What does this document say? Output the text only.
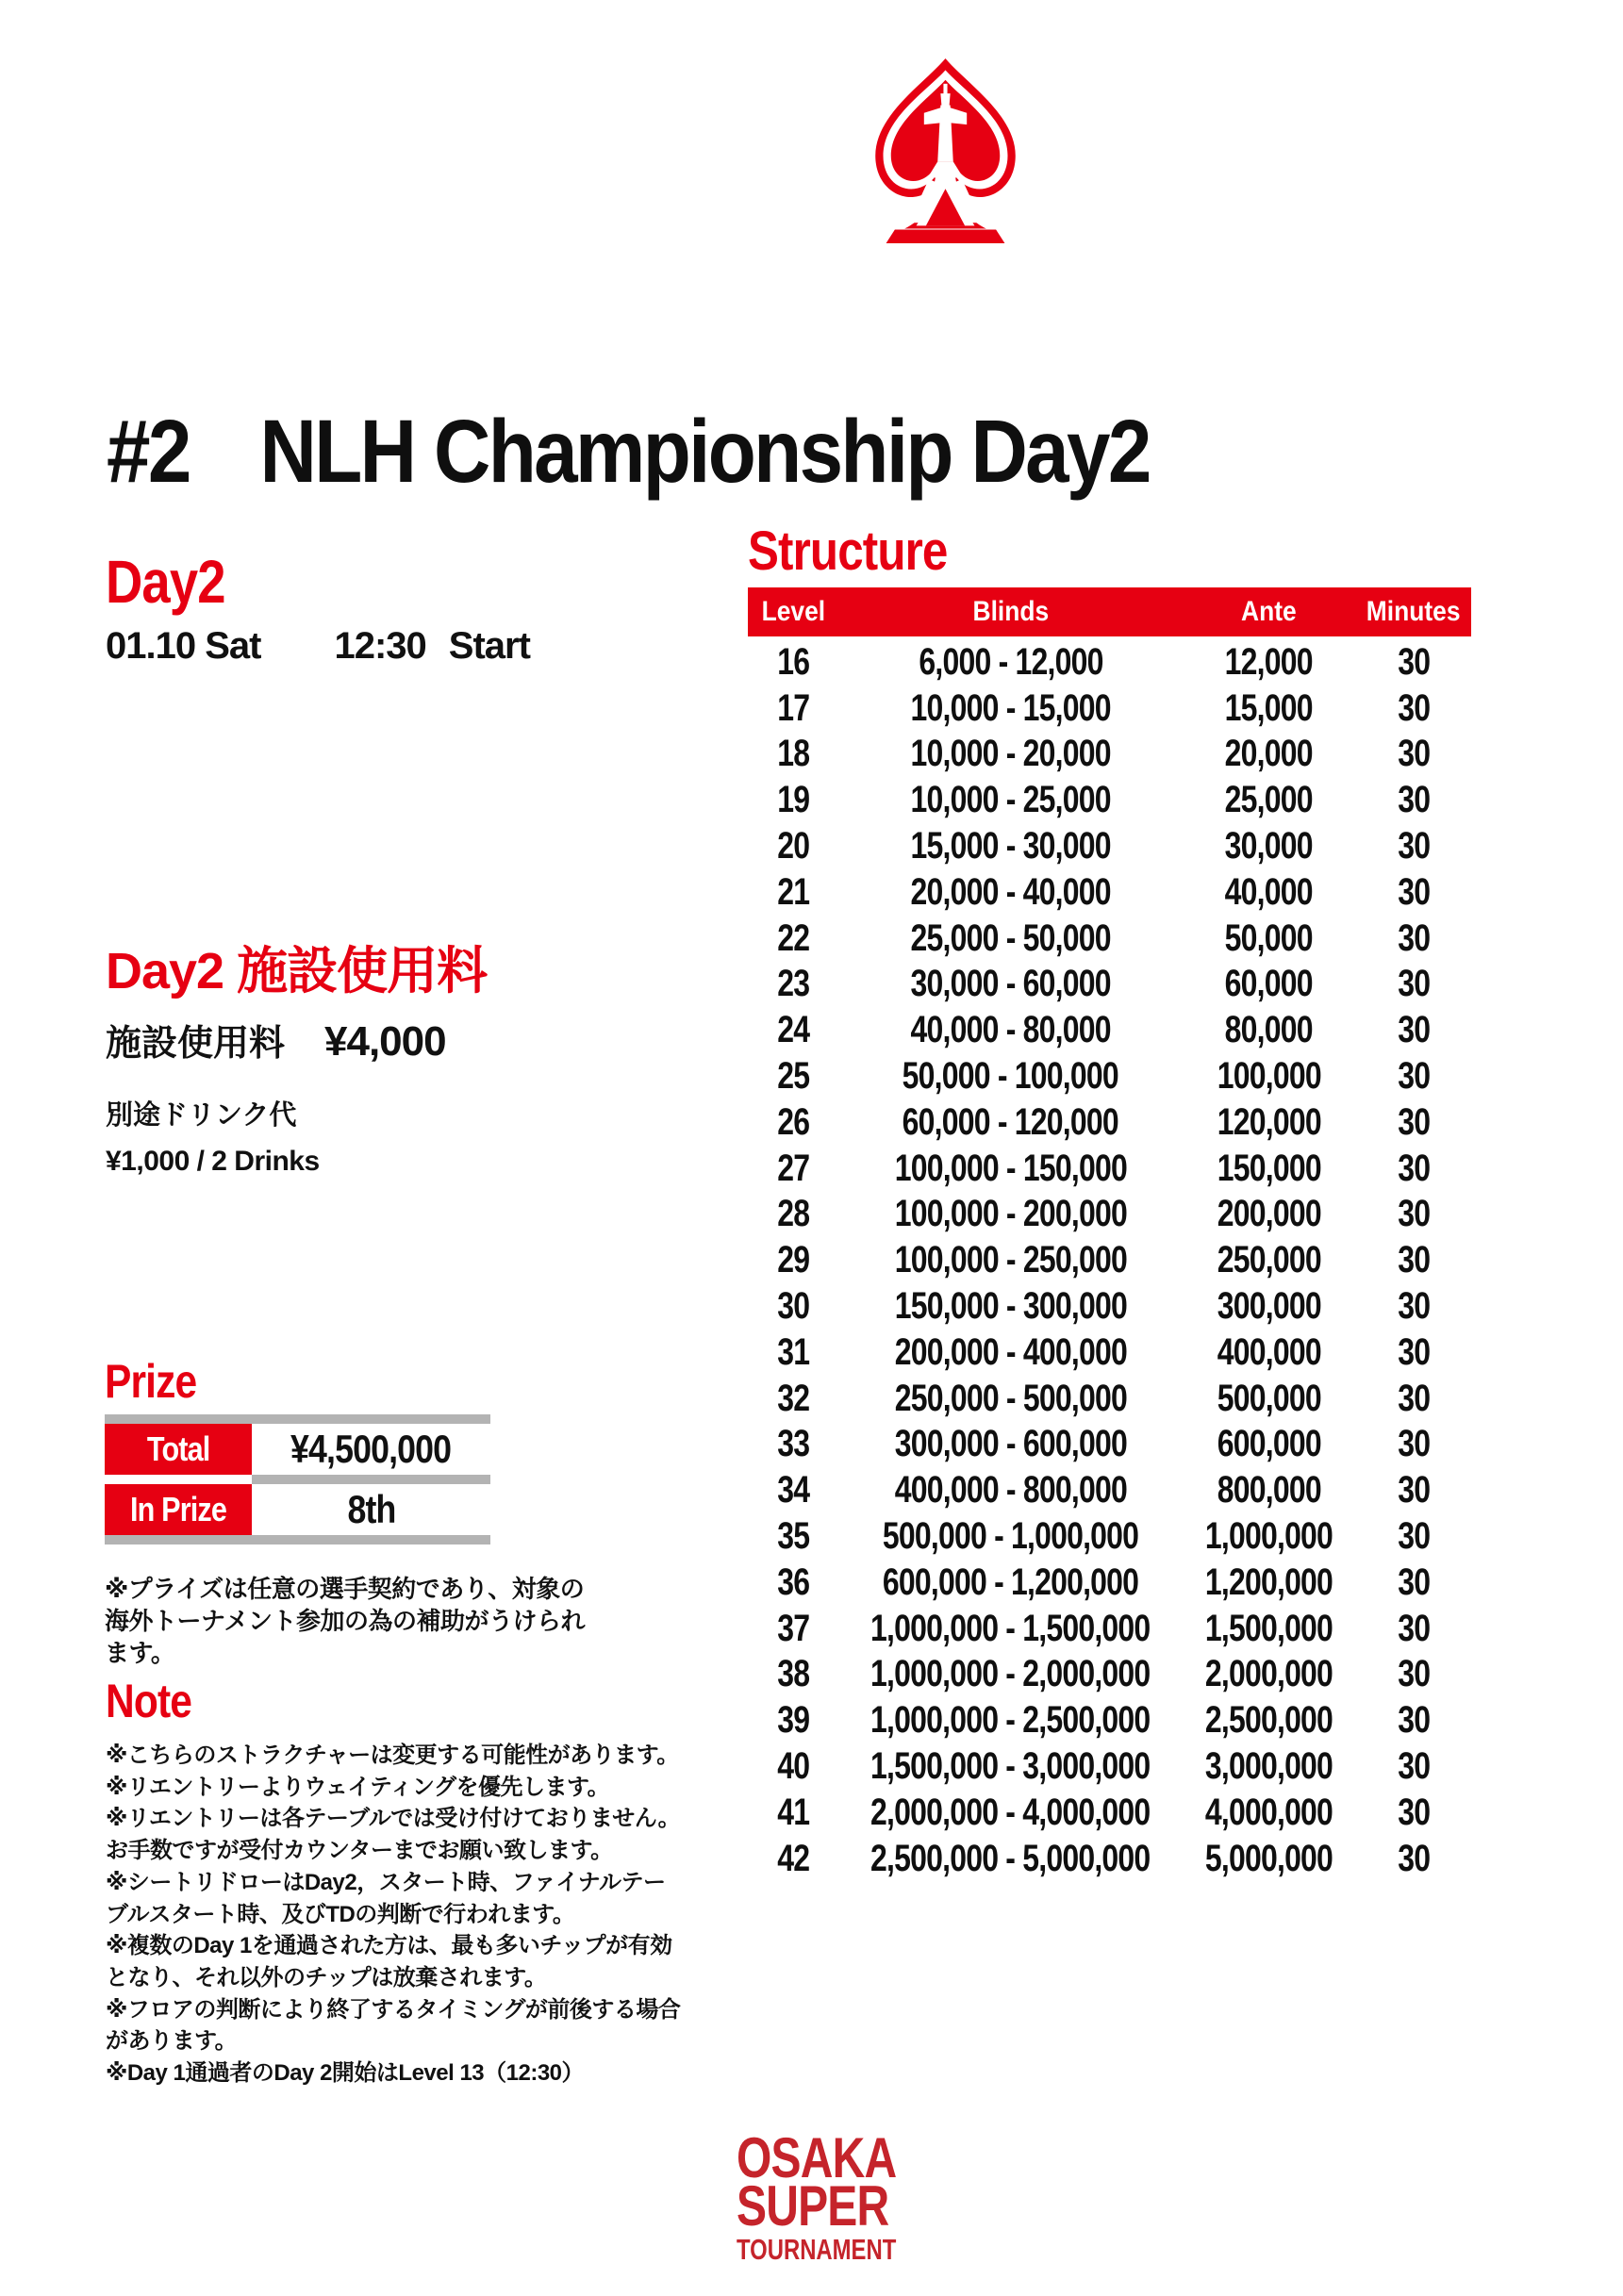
#2 NLH Championship Day2
Day2
01.10 Sat 12:30 Start
Day2 施設使用料
施設使用料 ¥4,000
別途ドリンク代
¥1,000 / 2 Drinks
Prize
Total ¥4,500,000
In Prize	8th
※プライズは任意の選手契約であり、対象の
海外トーナメント参加の為の補助がうけられ
ます。
Note
※こちらのストラクチャーは変更する可能性があります。
※リエントリーよりウェイティングを優先します。
※リエントリーは各テーブルでは受け付けておりません。
お手数ですが受付カウンターまでお願い致します。
※シートリドローはDay2，スタート時、ファイナルテー
ブルスタート時、及びTDの判断で行われます。
※複数のDay 1を通過された方は、最も多いチップが有効
となり、それ以外のチップは放棄されます。
※フロアの判断により終了するタイミングが前後する場合
があります。
※Day 1通過者のDay 2開始はLevel 13（12:30）
Structure
Level	Blinds	Ante Minutes
16	6,000 - 12,000	12,000 30
17	10,000 - 15,000	15,000 30
18	10,000 - 20,000	20,000 30
19	10,000 - 25,000	25,000 30
20	15,000 - 30,000	30,000 30
21	20,000 - 40,000	40,000 30
22	25,000 - 50,000	50,000 30
23	30,000 - 60,000	60,000 30
24	40,000 - 80,000	80,000 30
25 50,000 - 100,000	100,000 30
26 60,000 - 120,000	120,000 30
27 100,000 - 150,000 150,000 30
28 100,000 - 200,000 200,000 30
29 100,000 - 250,000 250,000 30
30 150,000 - 300,000 300,000 30
31 200,000 - 400,000 400,000 30
32 250,000 - 500,000 500,000 30
33 300,000 - 600,000 600,000 30
34 400,000 - 800,000 800,000 30
35 500,000 - 1,000,000 1,000,000 30
36 600,000 - 1,200,000 1,200,000 30
37 1,000,000 - 1,500,000 1,500,000 30
38 1,000,000 - 2,000,000 2,000,000 30
39 1,000,000 - 2,500,000 2,500,000 30
40 1,500,000 - 3,000,000 3,000,000 30
41 2,000,000 - 4,000,000 4,000,000 30
42 2,500,000 - 5,000,000 5,000,000 30
OSAKA
SUPER
TOURNAMENT
